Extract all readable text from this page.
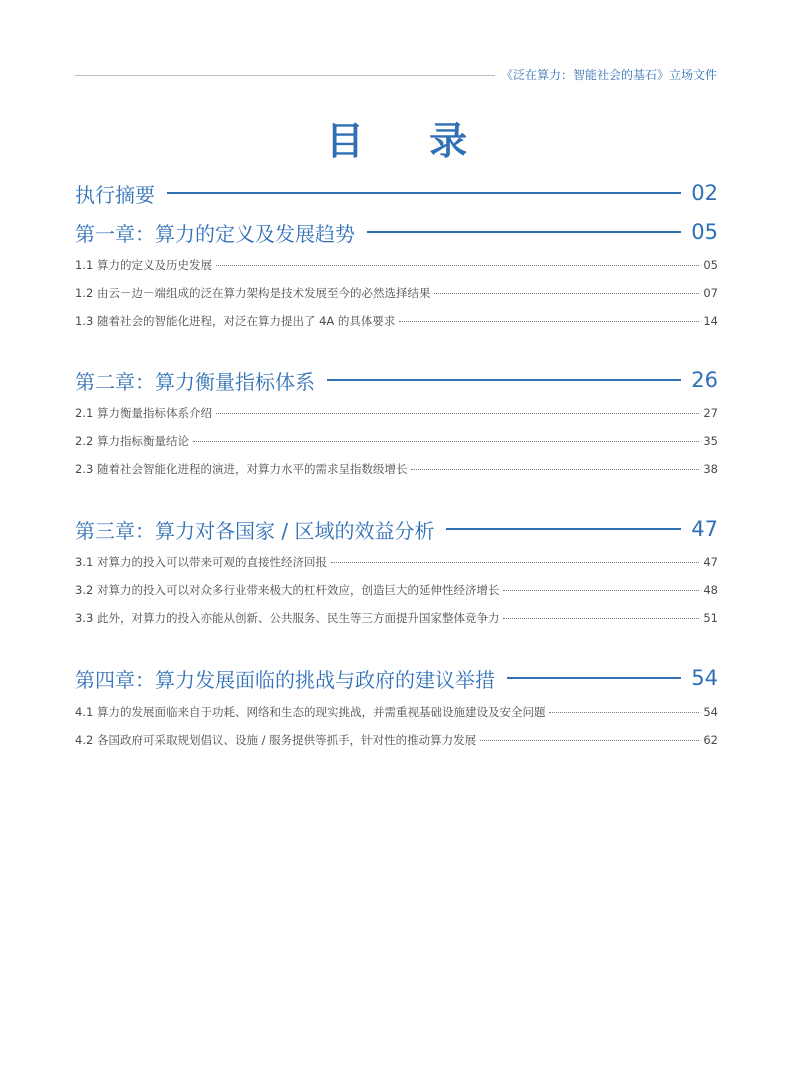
《泛在算力：智能社会的基石》立场文件
目 录
执行摘要	02
第一章：算力的定义及发展趋势	05
1.1 算力的定义及历史发展	05
1.2 由云－边－端组成的泛在算力架构是技术发展至今的必然选择结果	07
1.3 随着社会的智能化进程，对泛在算力提出了 4A 的具体要求	14
第二章：算力衡量指标体系	26
2.1 算力衡量指标体系介绍	27
2.2 算力指标衡量结论	35
2.3 随着社会智能化进程的演进，对算力水平的需求呈指数级增长	38
第三章：算力对各国家 / 区域的效益分析	47
3.1 对算力的投入可以带来可观的直接性经济回报	47
3.2 对算力的投入可以对众多行业带来极大的杠杆效应，创造巨大的延伸性经济增长	48
3.3 此外，对算力的投入亦能从创新、公共服务、民生等三方面提升国家整体竞争力	51
第四章：算力发展面临的挑战与政府的建议举措	54
4.1 算力的发展面临来自于功耗、网络和生态的现实挑战，并需重视基础设施建设及安全问题	54
4.2 各国政府可采取规划倡议、设施 / 服务提供等抓手，针对性的推动算力发展	62
